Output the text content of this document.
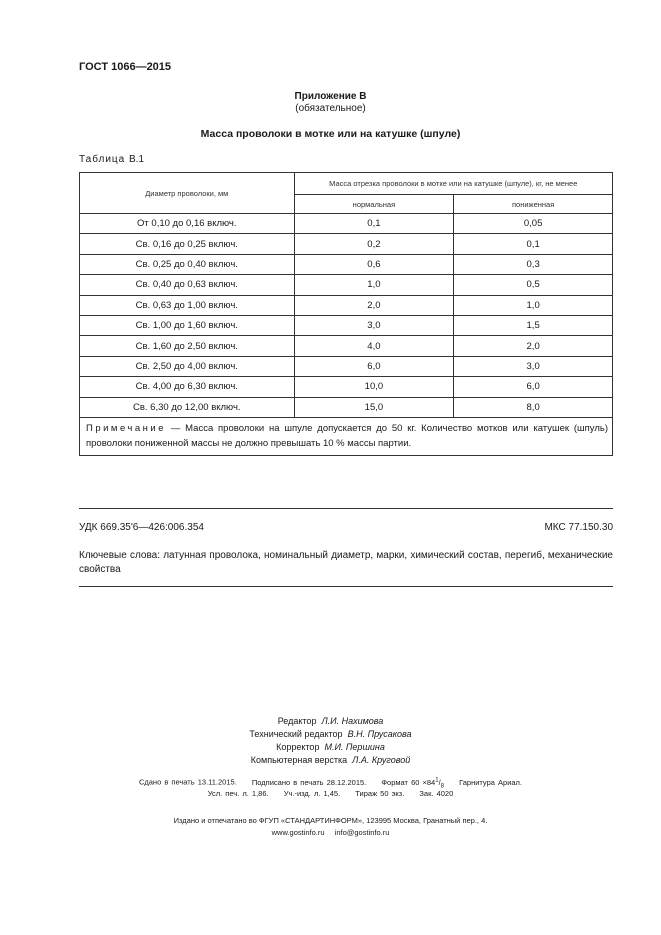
ГОСТ 1066—2015
Приложение В
(обязательное)
Масса проволоки в мотке или на катушке (шпуле)
Таблица В.1
Диаметр проволоки, мм	Масса отрезка проволоки в мотке или на катушке (шпуле), кг, не менее	
	нормальная	пониженная
От 0,10 до 0,16 включ.	0,1	0,05
Св. 0,16 до 0,25 включ.	0,2	0,1
Св. 0,25 до 0,40 включ.	0,6	0,3
Св. 0,40 до 0,63 включ.	1,0	0,5
Св. 0,63 до 1,00 включ.	2,0	1,0
Св. 1,00 до 1,60 включ.	3,0	1,5
Св. 1,60 до 2,50 включ.	4,0	2,0
Св. 2,50 до 4,00 включ.	6,0	3,0
Св. 4,00 до 6,30 включ.	10,0	6,0
Св. 6,30 до 12,00 включ.	15,0	8,0
Примечание — Масса проволоки на шпуле допускается до 50 кг. Количество мотков или катушек (шпуль) проволоки пониженной массы не должно превышать 10 % массы партии.		
УДК 669.35'6—426:006.354	МКС 77.150.30
Ключевые слова: латунная проволока, номинальный диаметр, марки, химический состав, перегиб, механические свойства
Редактор Л.И. Нахимова
Технический редактор В.Н. Прусакова
Корректор М.И. Першина
Компьютерная верстка Л.А. Круговой
Сдано в печать 13.11.2015. Подписано в печать 28.12.2015. Формат $60 \times 84^1/_8$ Гарнитура Ариал.
Усл. печ. л. 1,86. Уч.-изд. л. 1,45. Тираж 50 экз. Зак. 4020
Издано и отпечатано во ФГУП «СТАНДАРТИНФОРМ», 123995 Москва, Гранатный пер., 4.
www.gostinfo.ru info@gostinfo.ru
